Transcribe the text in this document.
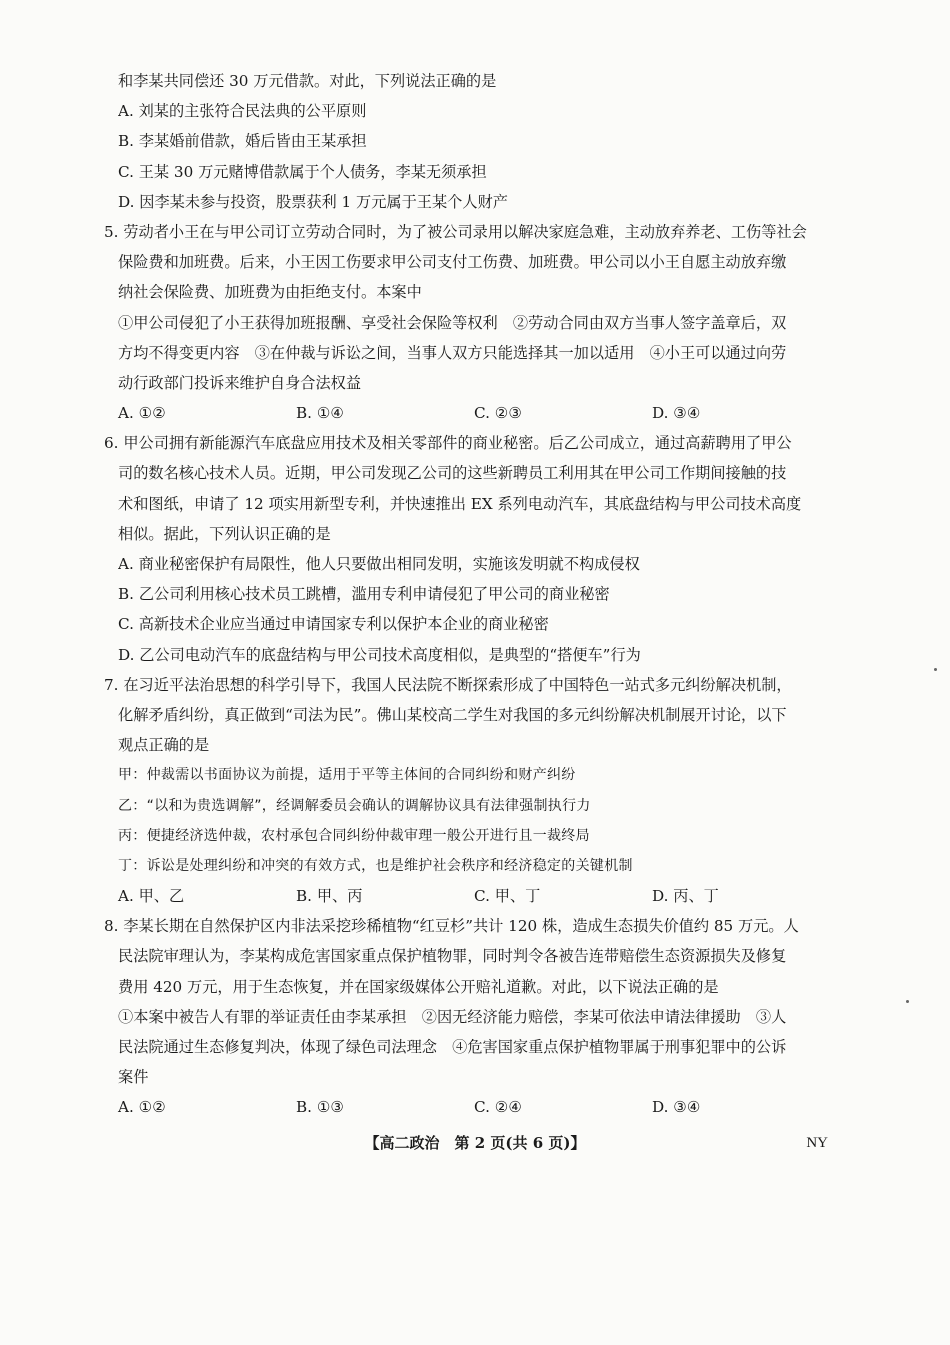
和李某共同偿还 30 万元借款。对此，下列说法正确的是
A. 刘某的主张符合民法典的公平原则
B. 李某婚前借款，婚后皆由王某承担
C. 王某 30 万元赌博借款属于个人债务，李某无须承担
D. 因李某未参与投资，股票获利 1 万元属于王某个人财产
5. 劳动者小王在与甲公司订立劳动合同时，为了被公司录用以解决家庭急难，主动放弃养老、工伤等社会
保险费和加班费。后来，小王因工伤要求甲公司支付工伤费、加班费。甲公司以小王自愿主动放弃缴
纳社会保险费、加班费为由拒绝支付。本案中
①甲公司侵犯了小王获得加班报酬、享受社会保险等权利　②劳动合同由双方当事人签字盖章后，双
方均不得变更内容　③在仲裁与诉讼之间，当事人双方只能选择其一加以适用　④小王可以通过向劳
动行政部门投诉来维护自身合法权益
A. ①②	B. ①④	C. ②③	D. ③④
6. 甲公司拥有新能源汽车底盘应用技术及相关零部件的商业秘密。后乙公司成立，通过高薪聘用了甲公
司的数名核心技术人员。近期，甲公司发现乙公司的这些新聘员工利用其在甲公司工作期间接触的技
术和图纸，申请了 12 项实用新型专利，并快速推出 EX 系列电动汽车，其底盘结构与甲公司技术高度
相似。据此，下列认识正确的是
A. 商业秘密保护有局限性，他人只要做出相同发明，实施该发明就不构成侵权
B. 乙公司利用核心技术员工跳槽，滥用专利申请侵犯了甲公司的商业秘密
C. 高新技术企业应当通过申请国家专利以保护本企业的商业秘密
D. 乙公司电动汽车的底盘结构与甲公司技术高度相似，是典型的“搭便车”行为
7. 在习近平法治思想的科学引导下，我国人民法院不断探索形成了中国特色一站式多元纠纷解决机制，
化解矛盾纠纷，真正做到“司法为民”。佛山某校高二学生对我国的多元纠纷解决机制展开讨论，以下
观点正确的是
甲：仲裁需以书面协议为前提，适用于平等主体间的合同纠纷和财产纠纷
乙：“以和为贵选调解”，经调解委员会确认的调解协议具有法律强制执行力
丙：便捷经济选仲裁，农村承包合同纠纷仲裁审理一般公开进行且一裁终局
丁：诉讼是处理纠纷和冲突的有效方式，也是维护社会秩序和经济稳定的关键机制
A. 甲、乙	B. 甲、丙	C. 甲、丁	D. 丙、丁
8. 李某长期在自然保护区内非法采挖珍稀植物“红豆杉”共计 120 株，造成生态损失价值约 85 万元。人
民法院审理认为，李某构成危害国家重点保护植物罪，同时判令各被告连带赔偿生态资源损失及修复
费用 420 万元，用于生态恢复，并在国家级媒体公开赔礼道歉。对此，以下说法正确的是
①本案中被告人有罪的举证责任由李某承担　②因无经济能力赔偿，李某可依法申请法律援助　③人
民法院通过生态修复判决，体现了绿色司法理念　④危害国家重点保护植物罪属于刑事犯罪中的公诉
案件
A. ①②	B. ①③	C. ②④	D. ③④
【高二政治　第 2 页(共 6 页)】	NY
